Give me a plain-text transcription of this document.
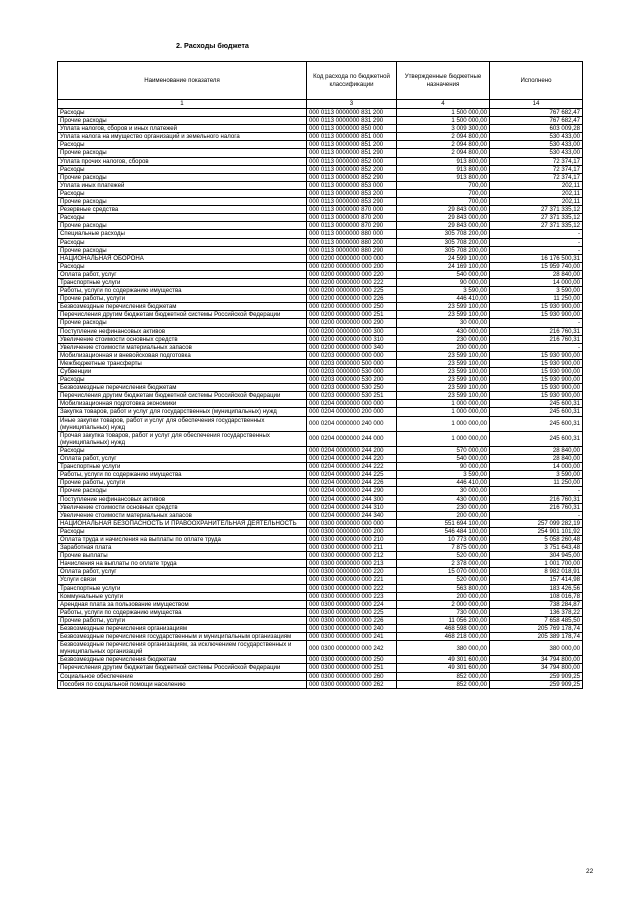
2. Расходы бюджета
Наименование показателя	Код расхода по бюджетной классификации	Утвержденные бюджетные назначения	Исполнено
1	3	4	14
Расходы	000 0113 0000000 831 200	1 500 000,00	767 682,47
Прочие расходы	000 0113 0000000 831 290	1 500 000,00	767 682,47
Уплата налогов, сборов и иных платежей	000 0113 0000000 850 000	3 009 300,00	603 009,28
Уплата налога на имущество организаций и земельного налога	000 0113 0000000 851 000	2 094 800,00	530 433,00
Расходы	000 0113 0000000 851 200	2 094 800,00	530 433,00
Прочие расходы	000 0113 0000000 851 290	2 094 800,00	530 433,00
Уплата прочих налогов, сборов	000 0113 0000000 852 000	913 800,00	72 374,17
Расходы	000 0113 0000000 852 200	913 800,00	72 374,17
Прочие расходы	000 0113 0000000 852 290	913 800,00	72 374,17
Уплата иных платежей	000 0113 0000000 853 000	700,00	202,11
Расходы	000 0113 0000000 853 200	700,00	202,11
Прочие расходы	000 0113 0000000 853 290	700,00	202,11
Резервные средства	000 0113 0000000 870 000	29 843 000,00	27 371 335,12
Расходы	000 0113 0000000 870 200	29 843 000,00	27 371 335,12
Прочие расходы	000 0113 0000000 870 290	29 843 000,00	27 371 335,12
Специальные расходы	000 0113 0000000 880 000	305 708 200,00	-
Расходы	000 0113 0000000 880 200	305 708 200,00	-
Прочие расходы	000 0113 0000000 880 290	305 708 200,00	-
НАЦИОНАЛЬНАЯ ОБОРОНА	000 0200 0000000 000 000	24 599 100,00	16 176 500,31
Расходы	000 0200 0000000 000 200	24 169 100,00	15 959 740,00
Оплата работ, услуг	000 0200 0000000 000 220	540 000,00	28 840,00
Транспортные услуги	000 0200 0000000 000 222	90 000,00	14 000,00
Работы, услуги по содержанию имущества	000 0200 0000000 000 225	3 590,00	3 590,00
Прочие работы, услуги	000 0200 0000000 000 226	446 410,00	11 250,00
Безвозмездные перечисления бюджетам	000 0200 0000000 000 250	23 599 100,00	15 930 900,00
Перечисления другим бюджетам бюджетной системы Российской Федерации	000 0200 0000000 000 251	23 599 100,00	15 930 900,00
Прочие расходы	000 0200 0000000 000 290	30 000,00	-
Поступление нефинансовых активов	000 0200 0000000 000 300	430 000,00	216 760,31
Увеличение стоимости основных средств	000 0200 0000000 000 310	230 000,00	216 760,31
Увеличение стоимости материальных запасов	000 0200 0000000 000 340	200 000,00	-
Мобилизационная и вневойсковая подготовка	000 0203 0000000 000 000	23 599 100,00	15 930 900,00
Межбюджетные трансферты	000 0203 0000000 500 000	23 599 100,00	15 930 900,00
Субвенции	000 0203 0000000 530 000	23 599 100,00	15 930 900,00
Расходы	000 0203 0000000 530 200	23 599 100,00	15 930 900,00
Безвозмездные перечисления бюджетам	000 0203 0000000 530 250	23 599 100,00	15 930 900,00
Перечисления другим бюджетам бюджетной системы Российской Федерации	000 0203 0000000 530 251	23 599 100,00	15 930 900,00
Мобилизационная подготовка экономики	000 0204 0000000 000 000	1 000 000,00	245 600,31
Закупка товаров, работ и услуг для государственных (муниципальных) нужд	000 0204 0000000 200 000	1 000 000,00	245 600,31
Иные закупки товаров, работ и услуг для обеспечения государственных (муниципальных) нужд	000 0204 0000000 240 000	1 000 000,00	245 600,31
Прочая закупка товаров, работ и услуг для обеспечения государственных (муниципальных) нужд	000 0204 0000000 244 000	1 000 000,00	245 600,31
Расходы	000 0204 0000000 244 200	570 000,00	28 840,00
Оплата работ, услуг	000 0204 0000000 244 220	540 000,00	28 840,00
Транспортные услуги	000 0204 0000000 244 222	90 000,00	14 000,00
Работы, услуги по содержанию имущества	000 0204 0000000 244 225	3 590,00	3 590,00
Прочие работы, услуги	000 0204 0000000 244 226	446 410,00	11 250,00
Прочие расходы	000 0204 0000000 244 290	30 000,00	-
Поступление нефинансовых активов	000 0204 0000000 244 300	430 000,00	216 760,31
Увеличение стоимости основных средств	000 0204 0000000 244 310	230 000,00	216 760,31
Увеличение стоимости материальных запасов	000 0204 0000000 244 340	200 000,00	-
НАЦИОНАЛЬНАЯ БЕЗОПАСНОСТЬ И ПРАВООХРАНИТЕЛЬНАЯ ДЕЯТЕЛЬНОСТЬ	000 0300 0000000 000 000	551 694 100,00	257 099 282,19
Расходы	000 0300 0000000 000 200	546 484 100,00	254 901 101,92
Оплата труда и начисления на выплаты по оплате труда	000 0300 0000000 000 210	10 773 000,00	5 058 260,48
Заработная плата	000 0300 0000000 000 211	7 875 000,00	3 751 643,48
Прочие выплаты	000 0300 0000000 000 212	520 000,00	304 945,00
Начисления на выплаты по оплате труда	000 0300 0000000 000 213	2 378 000,00	1 001 700,00
Оплата работ, услуг	000 0300 0000000 000 220	15 070 000,00	8 982 018,91
Услуги связи	000 0300 0000000 000 221	520 000,00	157 414,98
Транспортные услуги	000 0300 0000000 000 222	563 800,00	183 426,56
Коммунальные услуги	000 0300 0000000 000 223	200 000,00	108 016,78
Арендная плата за пользование имуществом	000 0300 0000000 000 224	2 000 000,00	738 284,87
Работы, услуги по содержанию имущества	000 0300 0000000 000 225	730 000,00	136 378,22
Прочие работы, услуги	000 0300 0000000 000 226	11 056 200,00	7 658 485,50
Безвозмездные перечисления организациям	000 0300 0000000 000 240	468 598 000,00	205 769 178,74
Безвозмездные перечисления государственным и муниципальным организациям	000 0300 0000000 000 241	468 218 000,00	205 389 178,74
Безвозмездные перечисления организациям, за исключением государственных и муниципальных организаций	000 0300 0000000 000 242	380 000,00	380 000,00
Безвозмездные перечисления бюджетам	000 0300 0000000 000 250	49 301 600,00	34 794 800,00
Перечисления другим бюджетам бюджетной системы Российской Федерации	000 0300 0000000 000 251	49 301 600,00	34 794 800,00
Социальное обеспечение	000 0300 0000000 000 260	852 000,00	259 909,25
Пособия по социальной помощи населению	000 0300 0000000 000 262	852 000,00	259 909,25
22
